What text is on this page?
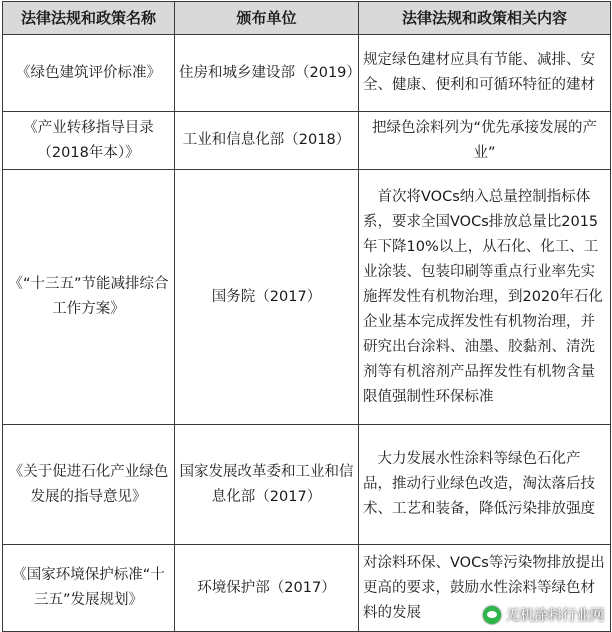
法律法规和政策名称	颁布单位	法律法规和政策相关内容
《绿色建筑评价标准》	住房和城乡建设部（2019）	规定绿色建材应具有节能、减排、安全、健康、便利和可循环特征的建材
《产业转移指导目录（2018年本）》	工业和信息化部（2018）	把绿色涂料列为“优先承接发展的产业”
《“十三五”节能减排综合工作方案》	国务院（2017）	首次将VOCs纳入总量控制指标体系，要求全国VOCs排放总量比2015年下降10%以上，从石化、化工、工业涂装、包装印刷等重点行业率先实施挥发性有机物治理，到2020年石化企业基本完成挥发性有机物治理，并研究出台涂料、油墨、胶黏剂、清洗剂等有机溶剂产品挥发性有机物含量限值强制性环保标准
《关于促进石化产业绿色发展的指导意见》	国家发展改革委和工业和信息化部（2017）	大力发展水性涂料等绿色石化产品，推动行业绿色改造，淘汰落后技术、工艺和装备，降低污染排放强度
《国家环境保护标准“十三五”发展规划》	环境保护部（2017）	对涂料环保、VOCs等污染物排放提出更高的要求，鼓励水性涂料等绿色材料的发展	无机涂料行业网
